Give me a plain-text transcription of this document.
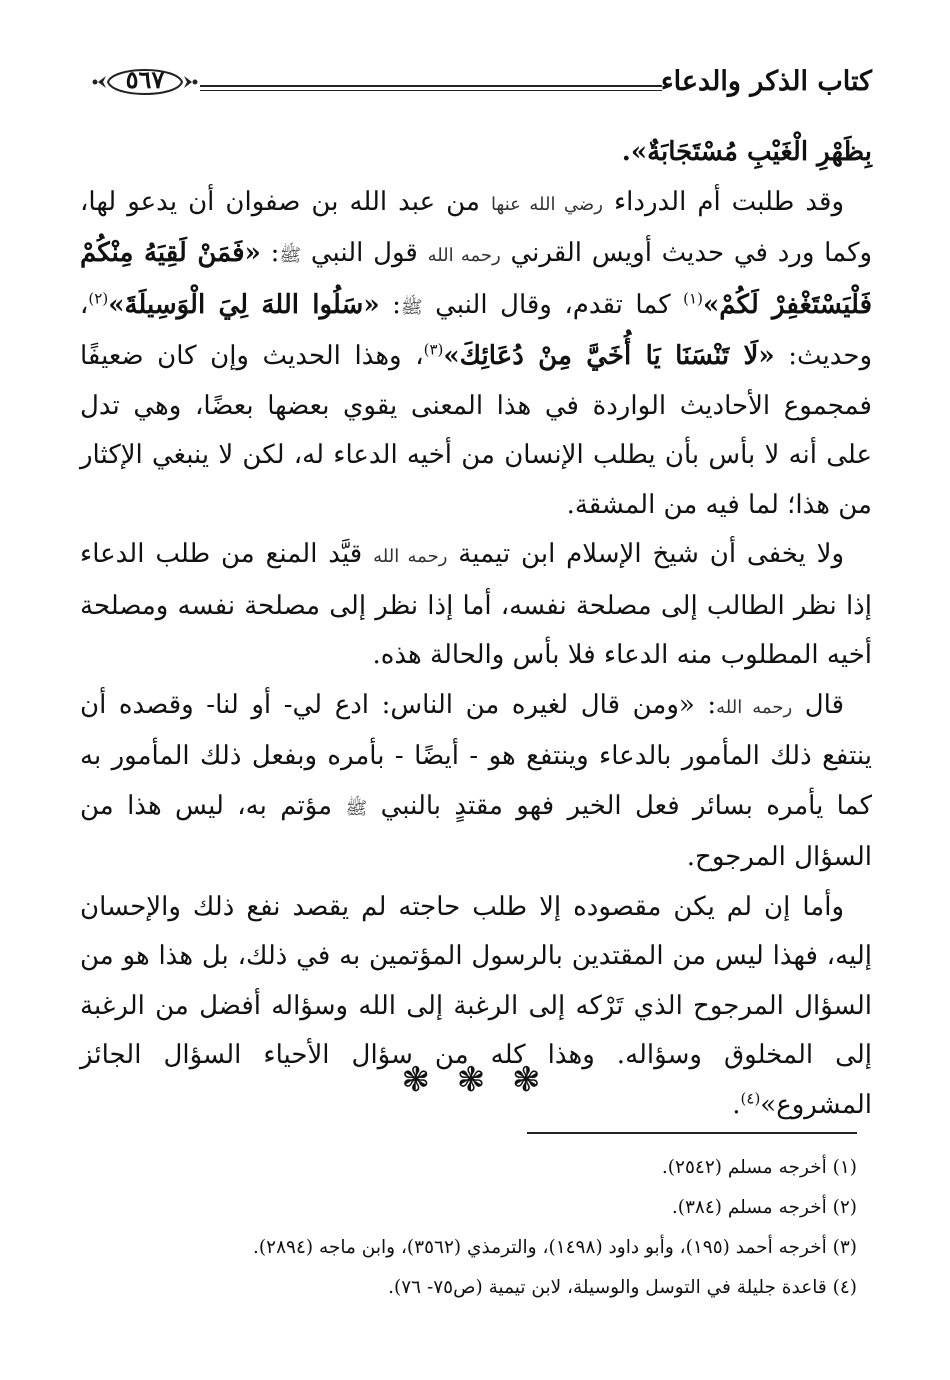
كتاب الذكر والدعاء
٥٦٧

بِظَهْرِ الْغَيْبِ مُسْتَجَابَةٌ».

وقد طلبت أم الدرداء رضي الله عنها من عبد الله بن صفوان أن يدعو لها، وكما ورد في حديث أويس القرني رحمه الله قول النبي ﷺ: «فَمَنْ لَقِيَهُ مِنْكُمْ فَلْيَسْتَغْفِرْ لَكُمْ»$^{(١)}$ كما تقدم، وقال النبي ﷺ: «سَلُوا اللهَ لِيَ الْوَسِيلَةَ»$^{(٢)}$، وحديث: «لَا تَنْسَنَا يَا أُخَيَّ مِنْ دُعَائِكَ»$^{(٣)}$، وهذا الحديث وإن كان ضعيفًا فمجموع الأحاديث الواردة في هذا المعنى يقوي بعضها بعضًا، وهي تدل على أنه لا بأس بأن يطلب الإنسان من أخيه الدعاء له، لكن لا ينبغي الإكثار من هذا؛ لما فيه من المشقة.

ولا يخفى أن شيخ الإسلام ابن تيمية رحمه الله قيَّد المنع من طلب الدعاء إذا نظر الطالب إلى مصلحة نفسه، أما إذا نظر إلى مصلحة نفسه ومصلحة أخيه المطلوب منه الدعاء فلا بأس والحالة هذه.

قال رحمه الله: «ومن قال لغيره من الناس: ادع لي- أو لنا- وقصده أن ينتفع ذلك المأمور بالدعاء وينتفع هو - أيضًا - بأمره وبفعل ذلك المأمور به كما يأمره بسائر فعل الخير فهو مقتدٍ بالنبي ﷺ مؤتم به، ليس هذا من السؤال المرجوح.

وأما إن لم يكن مقصوده إلا طلب حاجته لم يقصد نفع ذلك والإحسان إليه، فهذا ليس من المقتدين بالرسول المؤتمين به في ذلك، بل هذا هو من السؤال المرجوح الذي تَرْكه إلى الرغبة إلى الله وسؤاله أفضل من الرغبة إلى المخلوق وسؤاله. وهذا كله من سؤال الأحياء السؤال الجائز المشروع»$^{(٤)}$.

❃ ❃ ❃
(١) أخرجه مسلم (٢٥٤٢).
(٢) أخرجه مسلم (٣٨٤).
(٣) أخرجه أحمد (١٩٥)، وأبو داود (١٤٩٨)، والترمذي (٣٥٦٢)، وابن ماجه (٢٨٩٤).
(٤) قاعدة جليلة في التوسل والوسيلة، لابن تيمية (ص٧٥- ٧٦).
